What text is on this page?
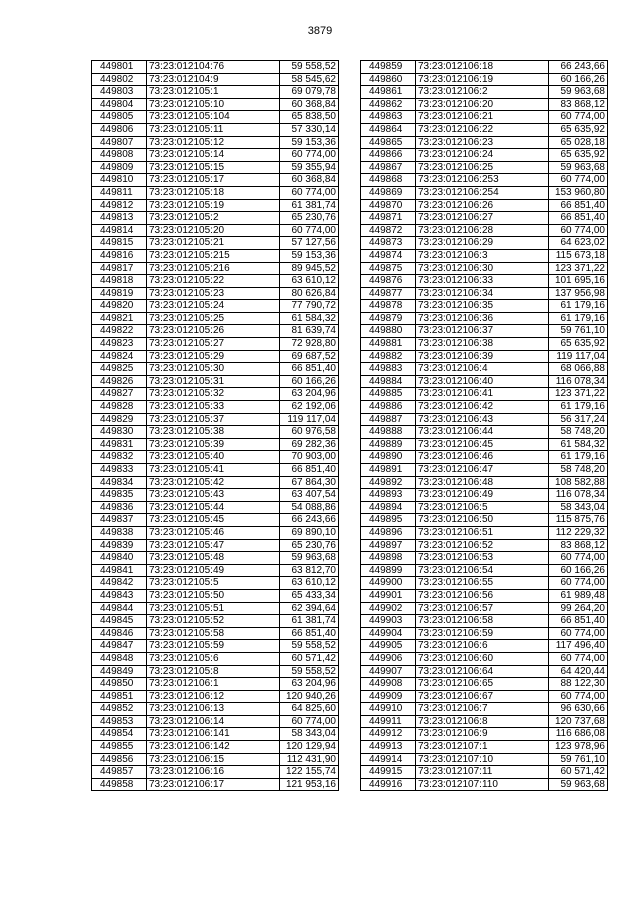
3879
449801	73:23:012104:76	59 558,52
449802	73:23:012104:9	58 545,62
449803	73:23:012105:1	69 079,78
449804	73:23:012105:10	60 368,84
449805	73:23:012105:104	65 838,50
449806	73:23:012105:11	57 330,14
449807	73:23:012105:12	59 153,36
449808	73:23:012105:14	60 774,00
449809	73:23:012105:15	59 355,94
449810	73:23:012105:17	60 368,84
449811	73:23:012105:18	60 774,00
449812	73:23:012105:19	61 381,74
449813	73:23:012105:2	65 230,76
449814	73:23:012105:20	60 774,00
449815	73:23:012105:21	57 127,56
449816	73:23:012105:215	59 153,36
449817	73:23:012105:216	89 945,52
449818	73:23:012105:22	63 610,12
449819	73:23:012105:23	80 626,84
449820	73:23:012105:24	77 790,72
449821	73:23:012105:25	61 584,32
449822	73:23:012105:26	81 639,74
449823	73:23:012105:27	72 928,80
449824	73:23:012105:29	69 687,52
449825	73:23:012105:30	66 851,40
449826	73:23:012105:31	60 166,26
449827	73:23:012105:32	63 204,96
449828	73:23:012105:33	62 192,06
449829	73:23:012105:37	119 117,04
449830	73:23:012105:38	60 976,58
449831	73:23:012105:39	69 282,36
449832	73:23:012105:40	70 903,00
449833	73:23:012105:41	66 851,40
449834	73:23:012105:42	67 864,30
449835	73:23:012105:43	63 407,54
449836	73:23:012105:44	54 088,86
449837	73:23:012105:45	66 243,66
449838	73:23:012105:46	69 890,10
449839	73:23:012105:47	65 230,76
449840	73:23:012105:48	59 963,68
449841	73:23:012105:49	63 812,70
449842	73:23:012105:5	63 610,12
449843	73:23:012105:50	65 433,34
449844	73:23:012105:51	62 394,64
449845	73:23:012105:52	61 381,74
449846	73:23:012105:58	66 851,40
449847	73:23:012105:59	59 558,52
449848	73:23:012105:6	60 571,42
449849	73:23:012105:8	59 558,52
449850	73:23:012106:1	63 204,96
449851	73:23:012106:12	120 940,26
449852	73:23:012106:13	64 825,60
449853	73:23:012106:14	60 774,00
449854	73:23:012106:141	58 343,04
449855	73:23:012106:142	120 129,94
449856	73:23:012106:15	112 431,90
449857	73:23:012106:16	122 155,74
449858	73:23:012106:17	121 953,16
449859	73:23:012106:18	66 243,66
449860	73:23:012106:19	60 166,26
449861	73:23:012106:2	59 963,68
449862	73:23:012106:20	83 868,12
449863	73:23:012106:21	60 774,00
449864	73:23:012106:22	65 635,92
449865	73:23:012106:23	65 028,18
449866	73:23:012106:24	65 635,92
449867	73:23:012106:25	59 963,68
449868	73:23:012106:253	60 774,00
449869	73:23:012106:254	153 960,80
449870	73:23:012106:26	66 851,40
449871	73:23:012106:27	66 851,40
449872	73:23:012106:28	60 774,00
449873	73:23:012106:29	64 623,02
449874	73:23:012106:3	115 673,18
449875	73:23:012106:30	123 371,22
449876	73:23:012106:33	101 695,16
449877	73:23:012106:34	137 956,98
449878	73:23:012106:35	61 179,16
449879	73:23:012106:36	61 179,16
449880	73:23:012106:37	59 761,10
449881	73:23:012106:38	65 635,92
449882	73:23:012106:39	119 117,04
449883	73:23:012106:4	68 066,88
449884	73:23:012106:40	116 078,34
449885	73:23:012106:41	123 371,22
449886	73:23:012106:42	61 179,16
449887	73:23:012106:43	56 317,24
449888	73:23:012106:44	58 748,20
449889	73:23:012106:45	61 584,32
449890	73:23:012106:46	61 179,16
449891	73:23:012106:47	58 748,20
449892	73:23:012106:48	108 582,88
449893	73:23:012106:49	116 078,34
449894	73:23:012106:5	58 343,04
449895	73:23:012106:50	115 875,76
449896	73:23:012106:51	112 229,32
449897	73:23:012106:52	83 868,12
449898	73:23:012106:53	60 774,00
449899	73:23:012106:54	60 166,26
449900	73:23:012106:55	60 774,00
449901	73:23:012106:56	61 989,48
449902	73:23:012106:57	99 264,20
449903	73:23:012106:58	66 851,40
449904	73:23:012106:59	60 774,00
449905	73:23:012106:6	117 496,40
449906	73:23:012106:60	60 774,00
449907	73:23:012106:64	64 420,44
449908	73:23:012106:65	88 122,30
449909	73:23:012106:67	60 774,00
449910	73:23:012106:7	96 630,66
449911	73:23:012106:8	120 737,68
449912	73:23:012106:9	116 686,08
449913	73:23:012107:1	123 978,96
449914	73:23:012107:10	59 761,10
449915	73:23:012107:11	60 571,42
449916	73:23:012107:110	59 963,68
